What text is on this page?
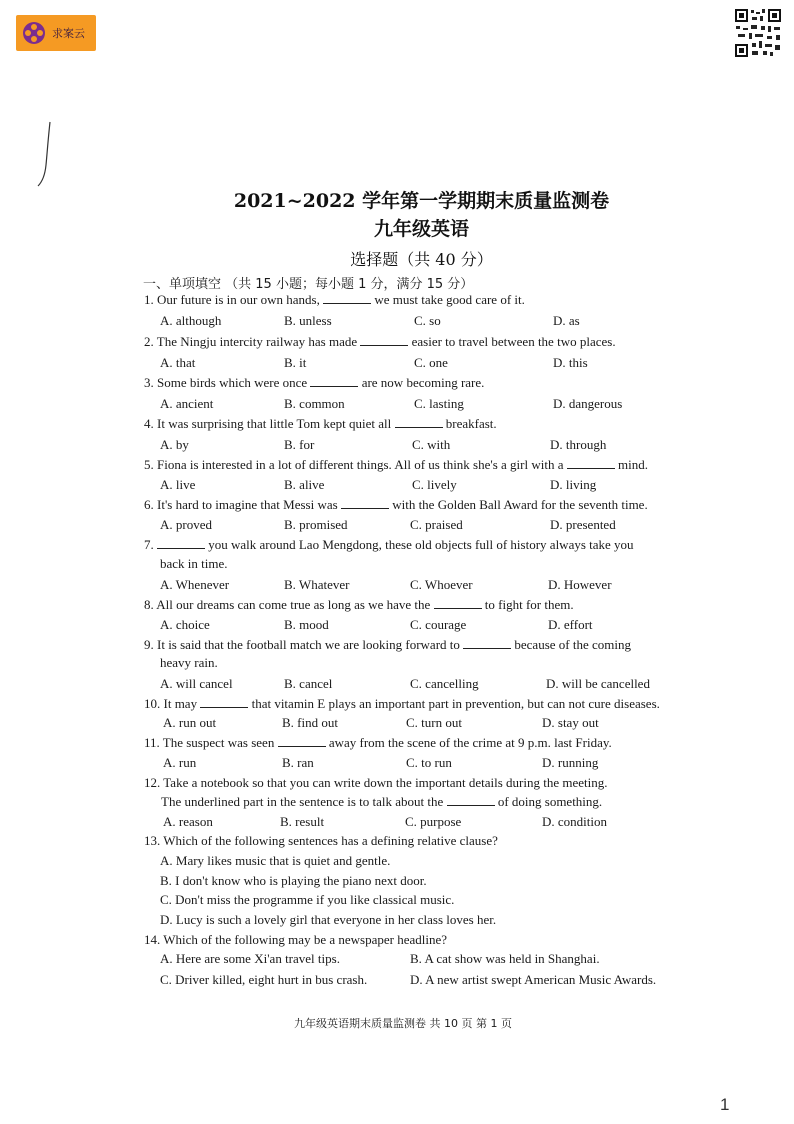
求案云
2021~2022 学年第一学期期末质量监测卷
九年级英语
选择题（共 40 分）
一、单项填空 （共 15 小题；每小题 1 分，满分 15 分）
1. Our future is in our own hands,	we must take good care of it.
A. although	B. unless	C. so	D. as
2. The Ningju intercity railway has made	easier to travel between the two places.
A. that	B. it	C. one	D. this
3. Some birds which were once	are now becoming rare.
A. ancient	B. common	C. lasting	D. dangerous
4. It was surprising that little Tom kept quiet all	breakfast.
A. by	B. for	C. with	D. through
5. Fiona is interested in a lot of different things. All of us think she's a girl with a	mind.
A. live	B. alive	C. lively	D. living
6. It's hard to imagine that Messi was	with the Golden Ball Award for the seventh time.
A. proved	B. promised	C. praised	D. presented
7.	you walk around Lao Mengdong, these old objects full of history always take you
back in time.
A. Whenever	B. Whatever	C. Whoever	D. However
8. All our dreams can come true as long as we have the	to fight for them.
A. choice	B. mood	C. courage	D. effort
9. It is said that the football match we are looking forward to	because of the coming
heavy rain.
A. will cancel	B. cancel	C. cancelling	D. will be cancelled
10. It may	that vitamin E plays an important part in prevention, but can not cure diseases.
A. run out	B. find out	C. turn out	D. stay out
11. The suspect was seen	away from the scene of the crime at 9 p.m. last Friday.
A. run	B. ran	C. to run	D. running
12. Take a notebook so that you can write down the important details during the meeting.
The underlined part in the sentence is to talk about the	of doing something.
A. reason	B. result	C. purpose	D. condition
13. Which of the following sentences has a defining relative clause?
A. Mary likes music that is quiet and gentle.
B. I don't know who is playing the piano next door.
C. Don't miss the programme if you like classical music.
D. Lucy is such a lovely girl that everyone in her class loves her.
14. Which of the following may be a newspaper headline?
A. Here are some Xi'an travel tips.	B. A cat show was held in Shanghai.
C. Driver killed, eight hurt in bus crash.	D. A new artist swept American Music Awards.
九年级英语期末质量监测卷 共 10 页 第 1 页
1
